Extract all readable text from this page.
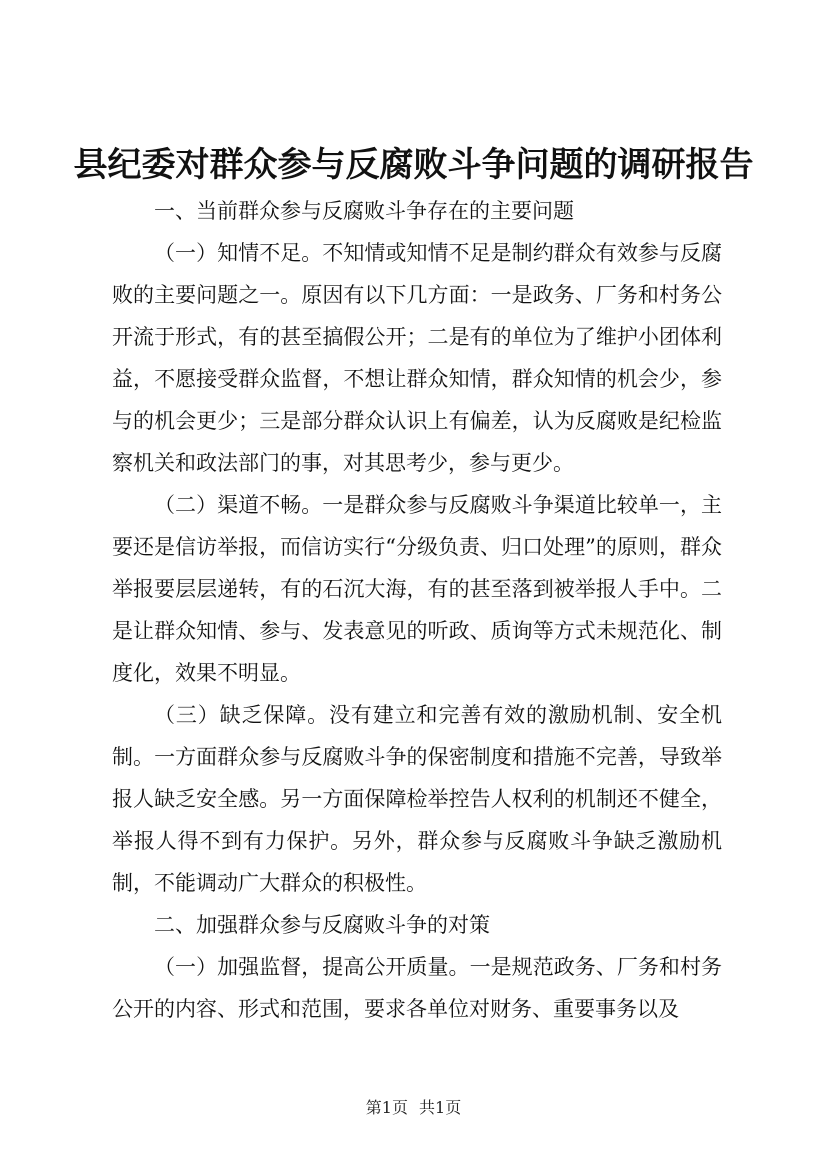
县纪委对群众参与反腐败斗争问题的调研报告

一、当前群众参与反腐败斗争存在的主要问题

（一）知情不足。不知情或知情不足是制约群众有效参与反腐败的主要问题之一。原因有以下几方面：一是政务、厂务和村务公开流于形式，有的甚至搞假公开；二是有的单位为了维护小团体利益，不愿接受群众监督，不想让群众知情，群众知情的机会少，参与的机会更少；三是部分群众认识上有偏差，认为反腐败是纪检监察机关和政法部门的事，对其思考少，参与更少。

（二）渠道不畅。一是群众参与反腐败斗争渠道比较单一，主要还是信访举报，而信访实行“分级负责、归口处理”的原则，群众举报要层层递转，有的石沉大海，有的甚至落到被举报人手中。二是让群众知情、参与、发表意见的听政、质询等方式未规范化、制度化，效果不明显。

（三）缺乏保障。没有建立和完善有效的激励机制、安全机制。一方面群众参与反腐败斗争的保密制度和措施不完善，导致举报人缺乏安全感。另一方面保障检举控告人权利的机制还不健全，举报人得不到有力保护。另外，群众参与反腐败斗争缺乏激励机制，不能调动广大群众的积极性。

二、加强群众参与反腐败斗争的对策

（一）加强监督，提高公开质量。一是规范政务、厂务和村务公开的内容、形式和范围，要求各单位对财务、重要事务以及

第1页 共1页
